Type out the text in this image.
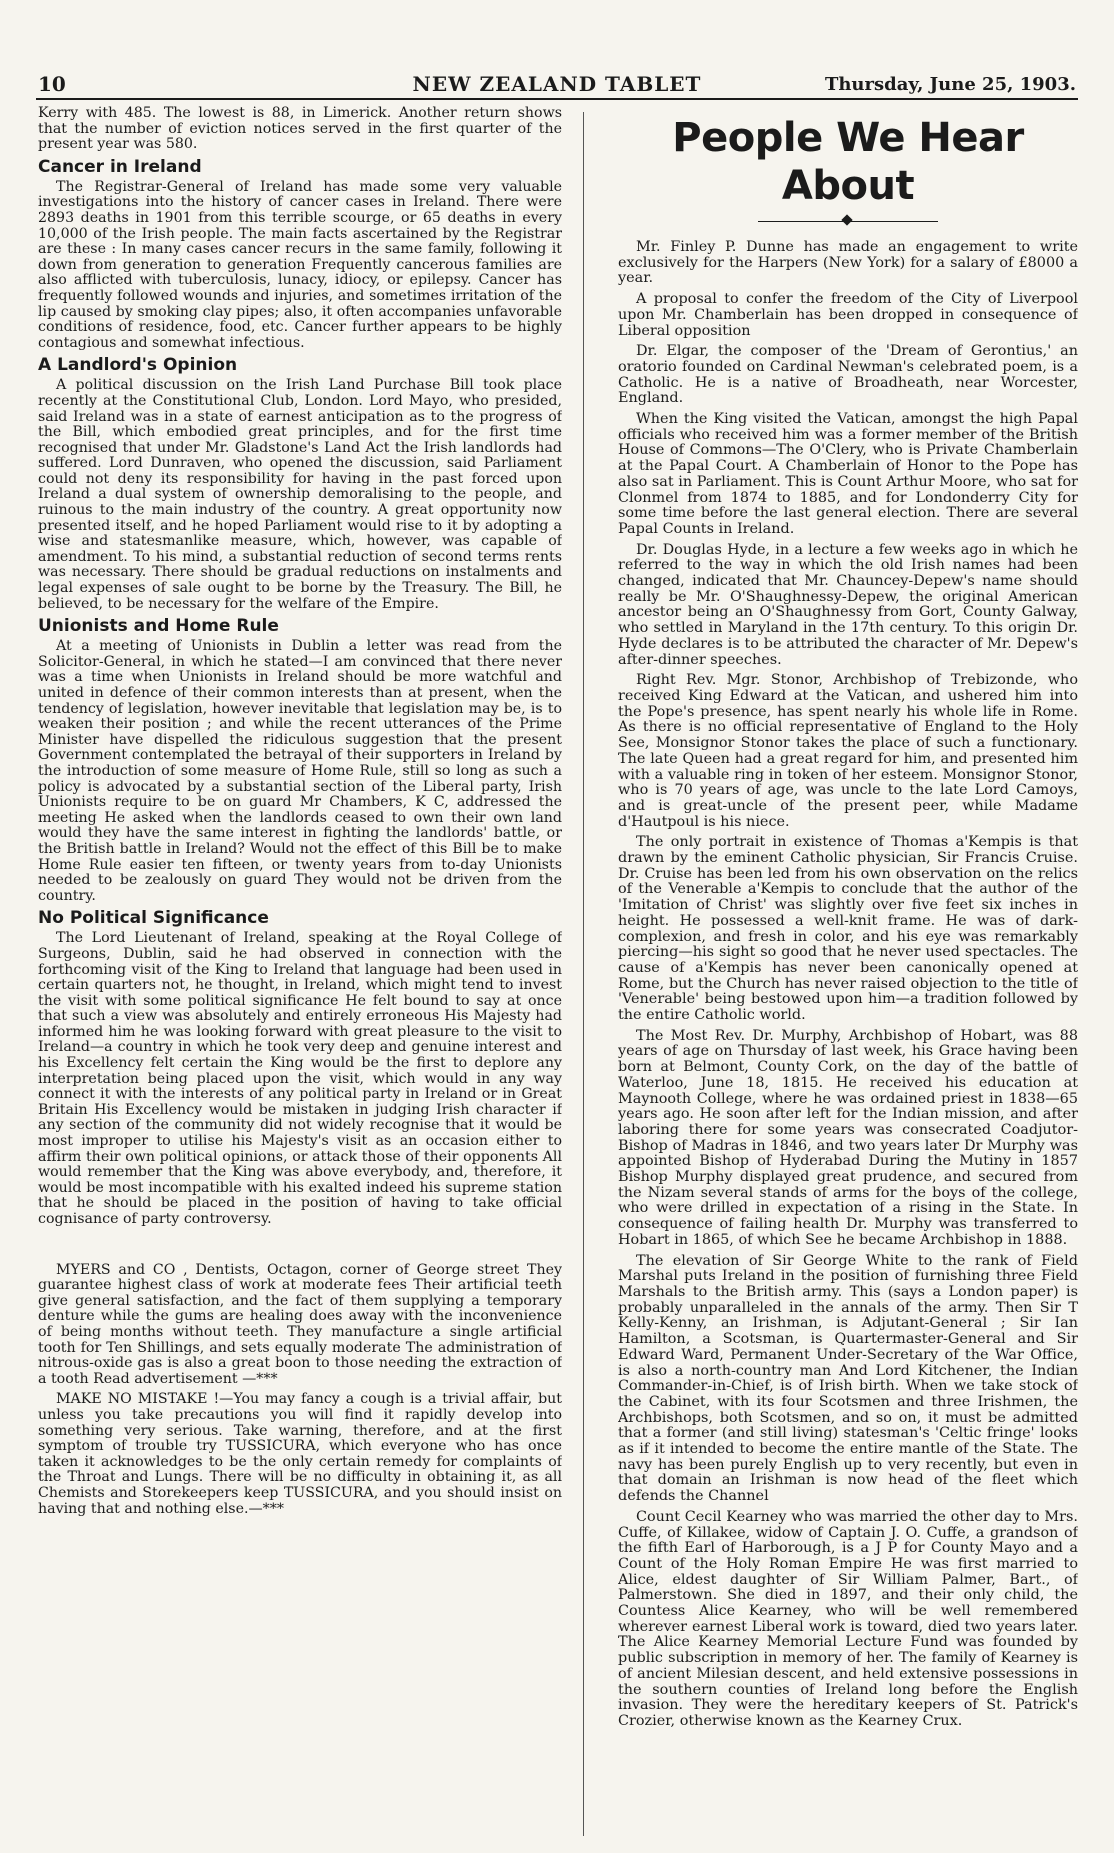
10	NEW ZEALAND TABLET	Thursday, June 25, 1903.

Kerry with 485. The lowest is 88, in Limerick. Another return shows that the number of eviction notices served in the first quarter of the present year was 580.

Cancer in Ireland

The Registrar-General of Ireland has made some very valuable investigations into the history of cancer cases in Ireland. There were 2893 deaths in 1901 from this terrible scourge, or 65 deaths in every 10,000 of the Irish people. The main facts ascertained by the Registrar are these : In many cases cancer recurs in the same family, following it down from generation to generation Frequently cancerous families are also afflicted with tuberculosis, lunacy, idiocy, or epilepsy. Cancer has frequently followed wounds and injuries, and sometimes irritation of the lip caused by smoking clay pipes; also, it often accompanies unfavorable conditions of residence, food, etc. Cancer further appears to be highly contagious and somewhat infectious.

A Landlord's Opinion

A political discussion on the Irish Land Purchase Bill took place recently at the Constitutional Club, London. Lord Mayo, who presided, said Ireland was in a state of earnest anticipation as to the progress of the Bill, which embodied great principles, and for the first time recognised that under Mr. Gladstone's Land Act the Irish landlords had suffered. Lord Dunraven, who opened the discussion, said Parliament could not deny its responsibility for having in the past forced upon Ireland a dual system of ownership demoralising to the people, and ruinous to the main industry of the country. A great opportunity now presented itself, and he hoped Parliament would rise to it by adopting a wise and statesmanlike measure, which, however, was capable of amendment. To his mind, a substantial reduction of second terms rents was necessary. There should be gradual reductions on instalments and legal expenses of sale ought to be borne by the Treasury. The Bill, he believed, to be necessary for the welfare of the Empire.

Unionists and Home Rule

At a meeting of Unionists in Dublin a letter was read from the Solicitor-General, in which he stated—I am convinced that there never was a time when Unionists in Ireland should be more watchful and united in defence of their common interests than at present, when the tendency of legislation, however inevitable that legislation may be, is to weaken their position ; and while the recent utterances of the Prime Minister have dispelled the ridiculous suggestion that the present Government contemplated the betrayal of their supporters in Ireland by the introduction of some measure of Home Rule, still so long as such a policy is advocated by a substantial section of the Liberal party, Irish Unionists require to be on guard Mr Chambers, K C, addressed the meeting He asked when the landlords ceased to own their own land would they have the same interest in fighting the landlords' battle, or the British battle in Ireland? Would not the effect of this Bill be to make Home Rule easier ten fifteen, or twenty years from to-day Unionists needed to be zealously on guard They would not be driven from the country.

No Political Significance

The Lord Lieutenant of Ireland, speaking at the Royal College of Surgeons, Dublin, said he had observed in connection with the forthcoming visit of the King to Ireland that language had been used in certain quarters not, he thought, in Ireland, which might tend to invest the visit with some political significance He felt bound to say at once that such a view was absolutely and entirely erroneous His Majesty had informed him he was looking forward with great pleasure to the visit to Ireland—a country in which he took very deep and genuine interest and his Excellency felt certain the King would be the first to deplore any interpretation being placed upon the visit, which would in any way connect it with the interests of any political party in Ireland or in Great Britain His Excellency would be mistaken in judging Irish character if any section of the community did not widely recognise that it would be most improper to utilise his Majesty's visit as an occasion either to affirm their own political opinions, or attack those of their opponents All would remember that the King was above everybody, and, therefore, it would be most incompatible with his exalted indeed his supreme station that he should be placed in the position of having to take official cognisance of party controversy.

MYERS and CO , Dentists, Octagon, corner of George street They guarantee highest class of work at moderate fees Their artificial teeth give general satisfaction, and the fact of them supplying a temporary denture while the gums are healing does away with the inconvenience of being months without teeth. They manufacture a single artificial tooth for Ten Shillings, and sets equally moderate The administration of nitrous-oxide gas is also a great boon to those needing the extraction of a tooth Read advertisement —***

MAKE NO MISTAKE !—You may fancy a cough is a trivial affair, but unless you take precautions you will find it rapidly develop into something very serious. Take warning, therefore, and at the first symptom of trouble try TUSSICURA, which everyone who has once taken it acknowledges to be the only certain remedy for complaints of the Throat and Lungs. There will be no difficulty in obtaining it, as all Chemists and Storekeepers keep TUSSICURA, and you should insist on having that and nothing else.—***

People We Hear About

Mr. Finley P. Dunne has made an engagement to write exclusively for the Harpers (New York) for a salary of £8000 a year.

A proposal to confer the freedom of the City of Liverpool upon Mr. Chamberlain has been dropped in consequence of Liberal opposition

Dr. Elgar, the composer of the 'Dream of Gerontius,' an oratorio founded on Cardinal Newman's celebrated poem, is a Catholic. He is a native of Broadheath, near Worcester, England.

When the King visited the Vatican, amongst the high Papal officials who received him was a former member of the British House of Commons—The O'Clery, who is Private Chamberlain at the Papal Court. A Chamberlain of Honor to the Pope has also sat in Parliament. This is Count Arthur Moore, who sat for Clonmel from 1874 to 1885, and for Londonderry City for some time before the last general election. There are several Papal Counts in Ireland.

Dr. Douglas Hyde, in a lecture a few weeks ago in which he referred to the way in which the old Irish names had been changed, indicated that Mr. Chauncey-Depew's name should really be Mr. O'Shaughnessy-Depew, the original American ancestor being an O'Shaughnessy from Gort, County Galway, who settled in Maryland in the 17th century. To this origin Dr. Hyde declares is to be attributed the character of Mr. Depew's after-dinner speeches.

Right Rev. Mgr. Stonor, Archbishop of Trebizonde, who received King Edward at the Vatican, and ushered him into the Pope's presence, has spent nearly his whole life in Rome. As there is no official representative of England to the Holy See, Monsignor Stonor takes the place of such a functionary. The late Queen had a great regard for him, and presented him with a valuable ring in token of her esteem. Monsignor Stonor, who is 70 years of age, was uncle to the late Lord Camoys, and is great-uncle of the present peer, while Madame d'Hautpoul is his niece.

The only portrait in existence of Thomas a'Kempis is that drawn by the eminent Catholic physician, Sir Francis Cruise. Dr. Cruise has been led from his own observation on the relics of the Venerable a'Kempis to conclude that the author of the 'Imitation of Christ' was slightly over five feet six inches in height. He possessed a well-knit frame. He was of dark-complexion, and fresh in color, and his eye was remarkably piercing—his sight so good that he never used spectacles. The cause of a'Kempis has never been canonically opened at Rome, but the Church has never raised objection to the title of 'Venerable' being bestowed upon him—a tradition followed by the entire Catholic world.

The Most Rev. Dr. Murphy, Archbishop of Hobart, was 88 years of age on Thursday of last week, his Grace having been born at Belmont, County Cork, on the day of the battle of Waterloo, June 18, 1815. He received his education at Maynooth College, where he was ordained priest in 1838—65 years ago. He soon after left for the Indian mission, and after laboring there for some years was consecrated Coadjutor-Bishop of Madras in 1846, and two years later Dr Murphy was appointed Bishop of Hyderabad During the Mutiny in 1857 Bishop Murphy displayed great prudence, and secured from the Nizam several stands of arms for the boys of the college, who were drilled in expectation of a rising in the State. In consequence of failing health Dr. Murphy was transferred to Hobart in 1865, of which See he became Archbishop in 1888.

The elevation of Sir George White to the rank of Field Marshal puts Ireland in the position of furnishing three Field Marshals to the British army. This (says a London paper) is probably unparalleled in the annals of the army. Then Sir T Kelly-Kenny, an Irishman, is Adjutant-General ; Sir Ian Hamilton, a Scotsman, is Quartermaster-General and Sir Edward Ward, Permanent Under-Secretary of the War Office, is also a north-country man And Lord Kitchener, the Indian Commander-in-Chief, is of Irish birth. When we take stock of the Cabinet, with its four Scotsmen and three Irishmen, the Archbishops, both Scotsmen, and so on, it must be admitted that a former (and still living) statesman's 'Celtic fringe' looks as if it intended to become the entire mantle of the State. The navy has been purely English up to very recently, but even in that domain an Irishman is now head of the fleet which defends the Channel

Count Cecil Kearney who was married the other day to Mrs. Cuffe, of Killakee, widow of Captain J. O. Cuffe, a grandson of the fifth Earl of Harborough, is a J P for County Mayo and a Count of the Holy Roman Empire He was first married to Alice, eldest daughter of Sir William Palmer, Bart., of Palmerstown. She died in 1897, and their only child, the Countess Alice Kearney, who will be well remembered wherever earnest Liberal work is toward, died two years later. The Alice Kearney Memorial Lecture Fund was founded by public subscription in memory of her. The family of Kearney is of ancient Milesian descent, and held extensive possessions in the southern counties of Ireland long before the English invasion. They were the hereditary keepers of St. Patrick's Crozier, otherwise known as the Kearney Crux.
